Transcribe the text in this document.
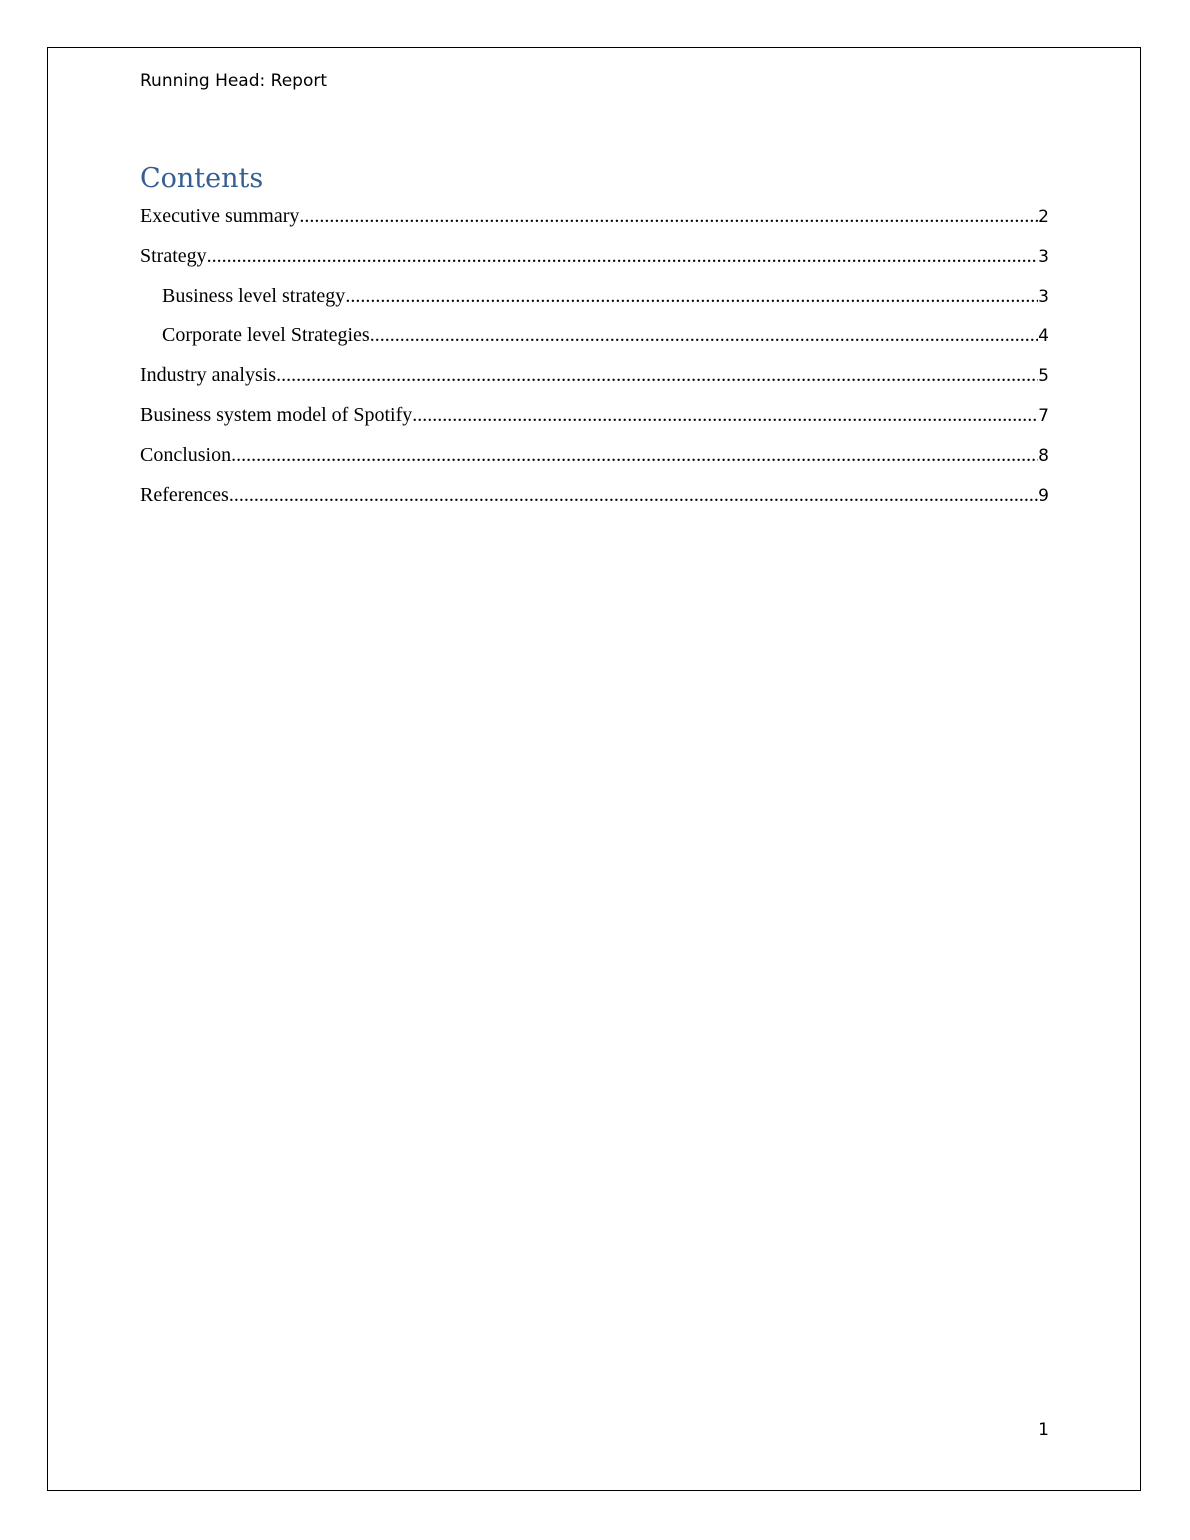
Running Head: Report
Contents
Executive summary .....	2
Strategy .....	3
Business level strategy .....	3
Corporate level Strategies .....	4
Industry analysis .....	5
Business system model of Spotify .....	7
Conclusion .....	8
References .....	9
1
